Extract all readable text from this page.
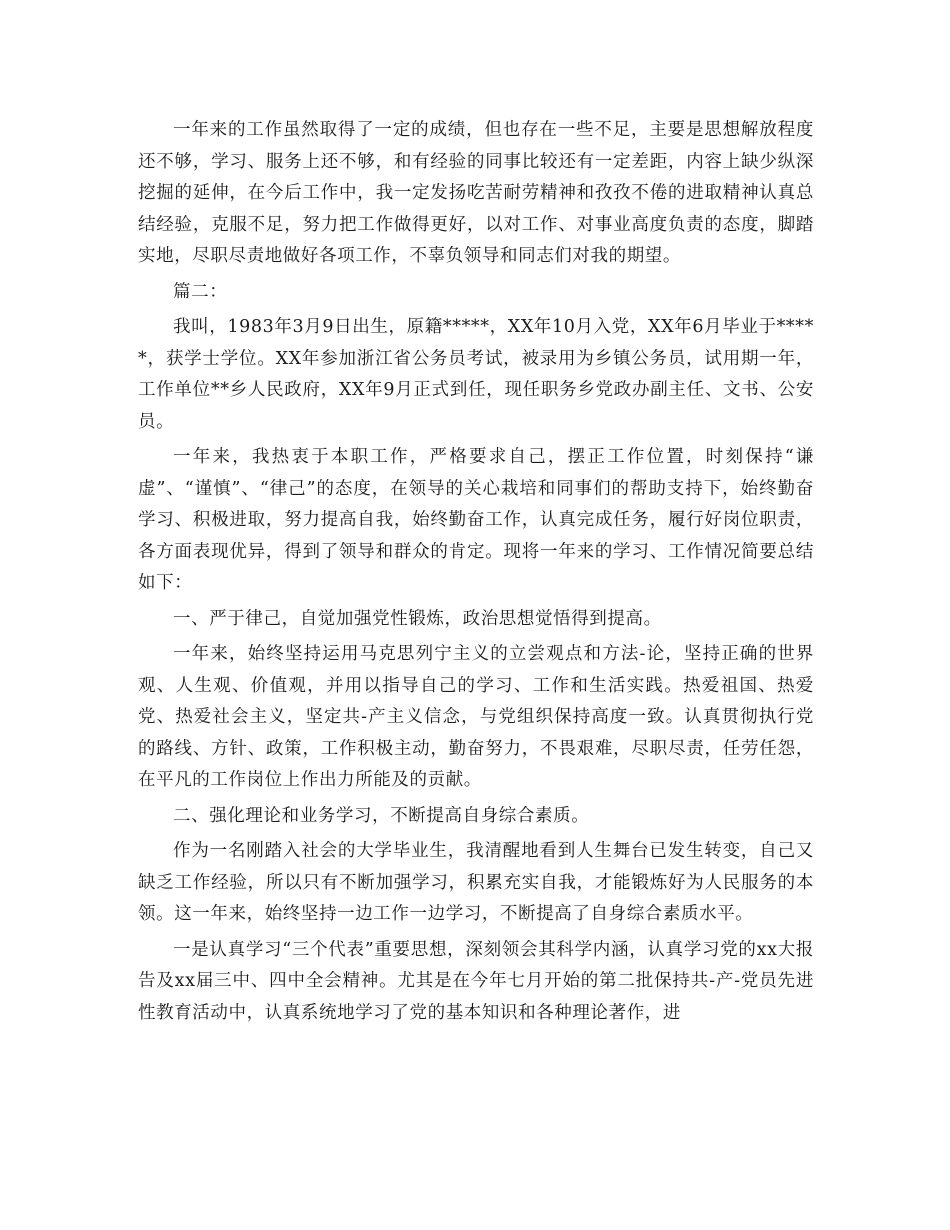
一年来的工作虽然取得了一定的成绩，但也存在一些不足，主要是思想解放程度还不够，学习、服务上还不够，和有经验的同事比较还有一定差距，内容上缺少纵深挖掘的延伸，在今后工作中，我一定发扬吃苦耐劳精神和孜孜不倦的进取精神认真总结经验，克服不足，努力把工作做得更好，以对工作、对事业高度负责的态度，脚踏实地，尽职尽责地做好各项工作，不辜负领导和同志们对我的期望。

篇二：

我叫，1983年3月9日出生，原籍*****，XX年10月入党，XX年6月毕业于*****，获学士学位。XX年参加浙江省公务员考试，被录用为乡镇公务员，试用期一年，工作单位**乡人民政府，XX年9月正式到任，现任职务乡党政办副主任、文书、公安员。

一年来，我热衷于本职工作，严格要求自己，摆正工作位置，时刻保持“谦虚”、“谨慎”、“律己”的态度，在领导的关心栽培和同事们的帮助支持下，始终勤奋学习、积极进取，努力提高自我，始终勤奋工作，认真完成任务，履行好岗位职责，各方面表现优异，得到了领导和群众的肯定。现将一年来的学习、工作情况简要总结如下：

一、严于律己，自觉加强党性锻炼，政治思想觉悟得到提高。

一年来，始终坚持运用马克思列宁主义的立尝观点和方法-论，坚持正确的世界观、人生观、价值观，并用以指导自己的学习、工作和生活实践。热爱祖国、热爱党、热爱社会主义，坚定共-产主义信念，与党组织保持高度一致。认真贯彻执行党的路线、方针、政策，工作积极主动，勤奋努力，不畏艰难，尽职尽责，任劳任怨，在平凡的工作岗位上作出力所能及的贡献。

二、强化理论和业务学习，不断提高自身综合素质。

作为一名刚踏入社会的大学毕业生，我清醒地看到人生舞台已发生转变，自己又缺乏工作经验，所以只有不断加强学习，积累充实自我，才能锻炼好为人民服务的本领。这一年来，始终坚持一边工作一边学习，不断提高了自身综合素质水平。

一是认真学习“三个代表”重要思想，深刻领会其科学内涵，认真学习党的xx大报告及xx届三中、四中全会精神。尤其是在今年七月开始的第二批保持共-产-党员先进性教育活动中，认真系统地学习了党的基本知识和各种理论著作，进
